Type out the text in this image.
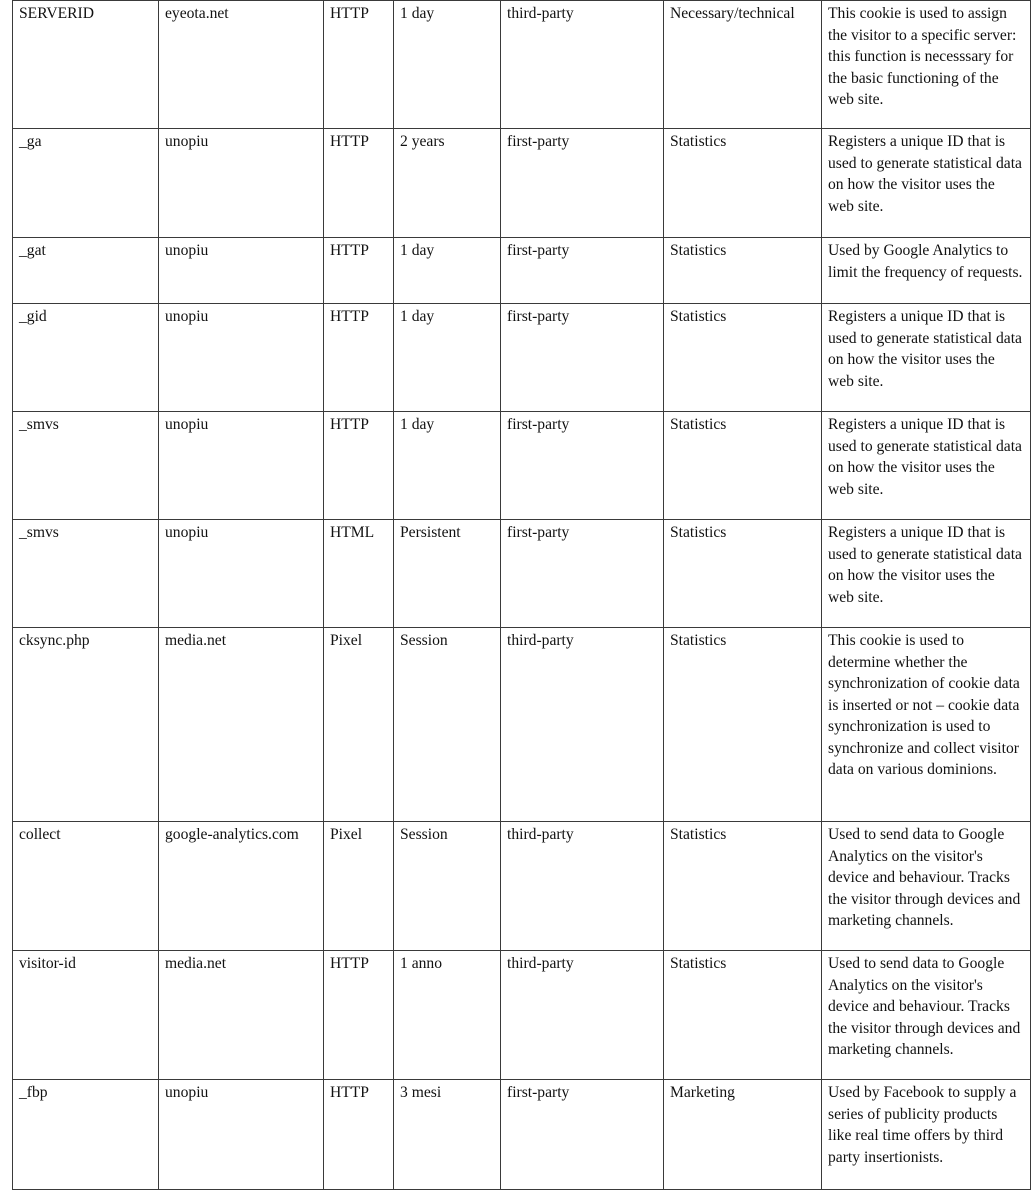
SERVERID	eyeota.net	HTTP	1 day	third-party	Necessary/technical	This cookie is used to assign the visitor to a specific server: this function is necesssary for the basic functioning of the web site.
_ga	unopiu	HTTP	2 years	first-party	Statistics	Registers a unique ID that is used to generate statistical data on how the visitor uses the web site.
_gat	unopiu	HTTP	1 day	first-party	Statistics	Used by Google Analytics to limit the frequency of requests.
_gid	unopiu	HTTP	1 day	first-party	Statistics	Registers a unique ID that is used to generate statistical data on how the visitor uses the web site.
_smvs	unopiu	HTTP	1 day	first-party	Statistics	Registers a unique ID that is used to generate statistical data on how the visitor uses the web site.
_smvs	unopiu	HTML	Persistent	first-party	Statistics	Registers a unique ID that is used to generate statistical data on how the visitor uses the web site.
cksync.php	media.net	Pixel	Session	third-party	Statistics	This cookie is used to determine whether the synchronization of cookie data is inserted or not – cookie data synchronization is used to synchronize and collect visitor data on various dominions.
collect	google-analytics.com	Pixel	Session	third-party	Statistics	Used to send data to Google Analytics on the visitor's device and behaviour. Tracks the visitor through devices and marketing channels.
visitor-id	media.net	HTTP	1 anno	third-party	Statistics	Used to send data to Google Analytics on the visitor's device and behaviour. Tracks the visitor through devices and marketing channels.
_fbp	unopiu	HTTP	3 mesi	first-party	Marketing	Used by Facebook to supply a series of publicity products like real time offers by third party insertionists.
